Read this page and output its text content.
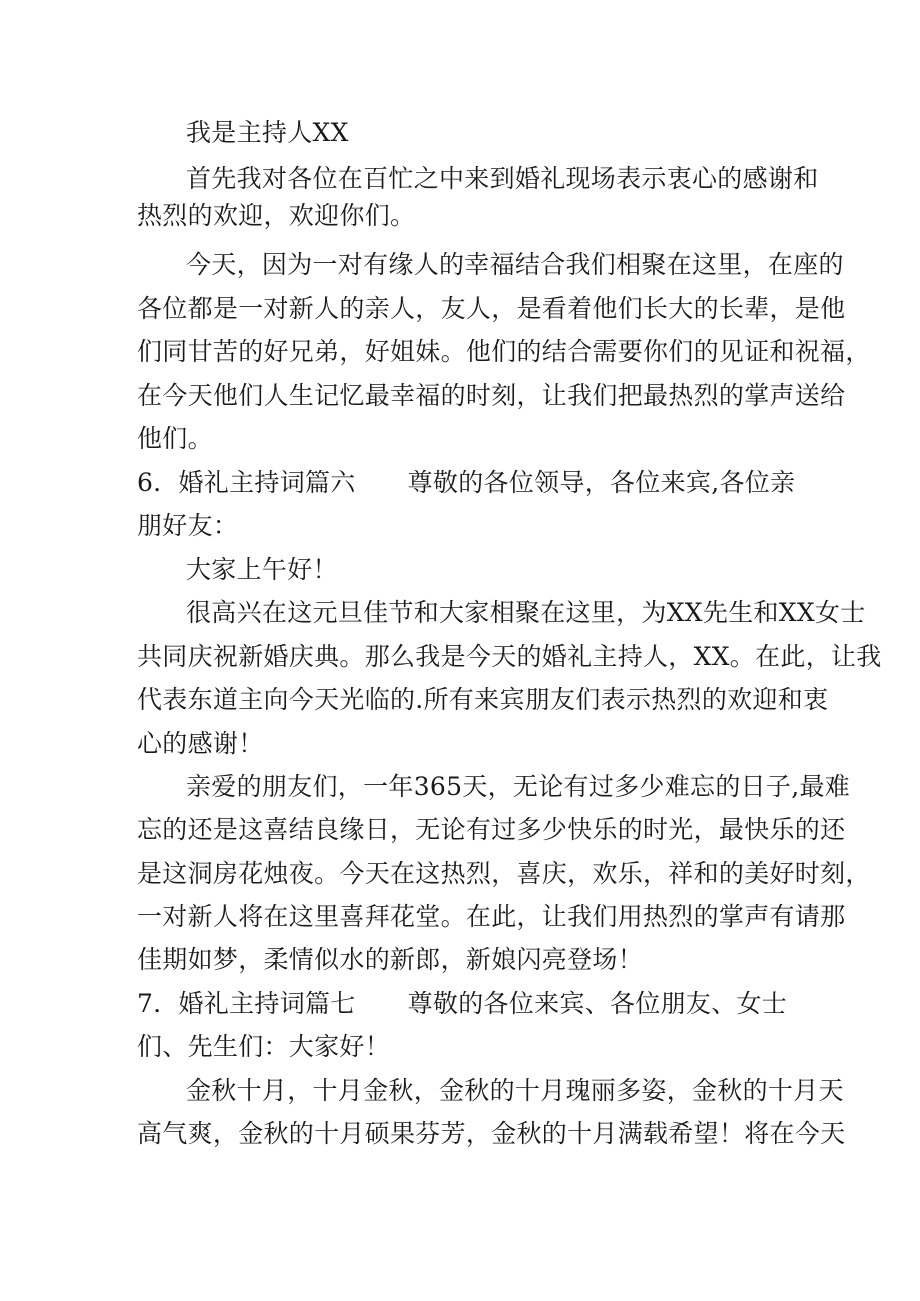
我是主持人XX
首先我对各位在百忙之中来到婚礼现场表示衷心的感谢和
热烈的欢迎，欢迎你们。
今天，因为一对有缘人的幸福结合我们相聚在这里，在座的
各位都是一对新人的亲人，友人，是看着他们长大的长辈，是他
们同甘苦的好兄弟，好姐妹。他们的结合需要你们的见证和祝福，
在今天他们人生记忆最幸福的时刻，让我们把最热烈的掌声送给
他们。
6．婚礼主持词篇六 尊敬的各位领导，各位来宾,各位亲
朋好友：
大家上午好！
很高兴在这元旦佳节和大家相聚在这里，为XX先生和XX女士
共同庆祝新婚庆典。那么我是今天的婚礼主持人，XX。在此，让我
代表东道主向今天光临的.所有来宾朋友们表示热烈的欢迎和衷
心的感谢！
亲爱的朋友们，一年365天，无论有过多少难忘的日子,最难
忘的还是这喜结良缘日，无论有过多少快乐的时光，最快乐的还
是这洞房花烛夜。今天在这热烈，喜庆，欢乐，祥和的美好时刻，
一对新人将在这里喜拜花堂。在此，让我们用热烈的掌声有请那
佳期如梦，柔情似水的新郎，新娘闪亮登场！
7．婚礼主持词篇七 尊敬的各位来宾、各位朋友、女士
们、先生们：大家好！
金秋十月，十月金秋，金秋的十月瑰丽多姿，金秋的十月天
高气爽，金秋的十月硕果芬芳，金秋的十月满载希望！将在今天
